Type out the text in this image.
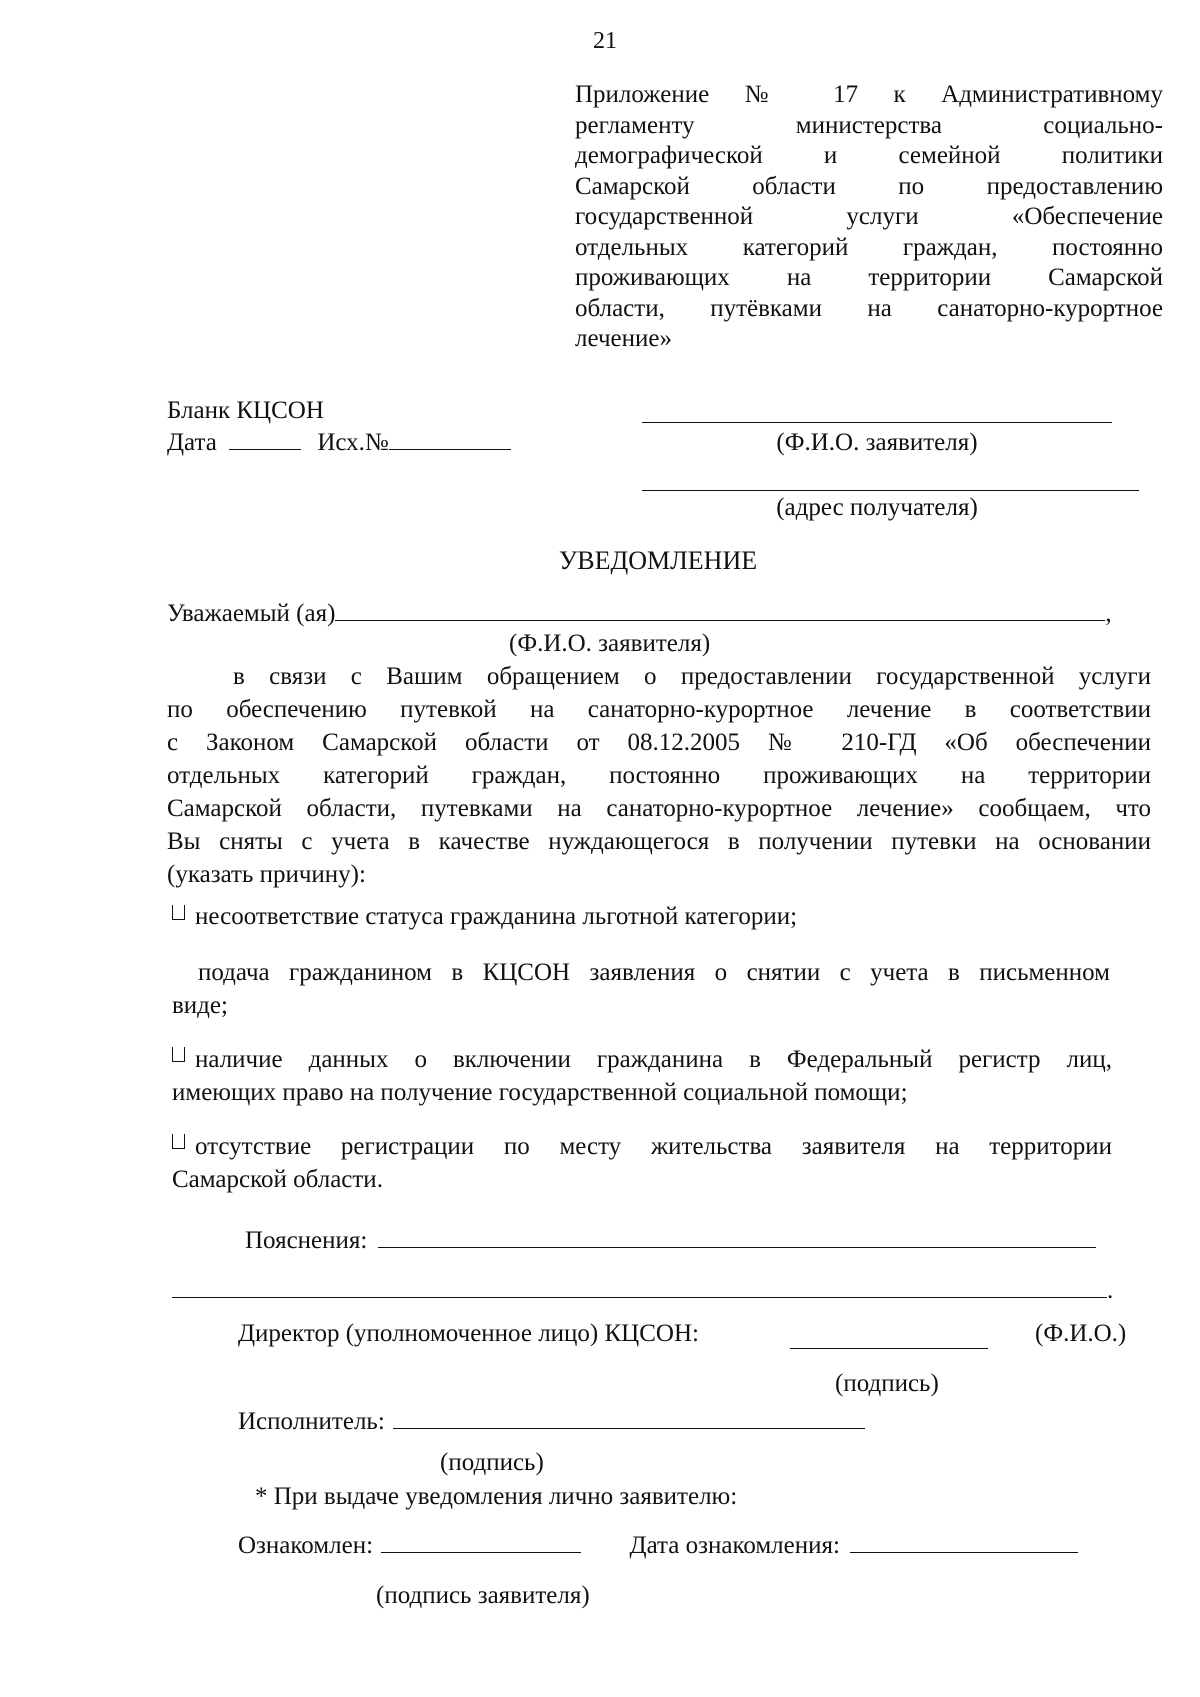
21
Приложение № 17 к Административному
регламенту министерства социально-
демографической и семейной политики
Самарской области по предоставлению
государственной услуги «Обеспечение
отдельных категорий граждан, постоянно
проживающих на территории Самарской
области, путёвками на санаторно-курортное
лечение»
Бланк КЦСОН
Дата	Исх.№	(Ф.И.О. заявителя)
(адрес получателя)
УВЕДОМЛЕНИЕ
Уважаемый (ая)	,
(Ф.И.О. заявителя)
в связи с Вашим обращением о предоставлении государственной услуги
по обеспечению путевкой на санаторно-курортное лечение в соответствии
с Законом Самарской области от 08.12.2005 № 210-ГД «Об обеспечении
отдельных категорий граждан, постоянно проживающих на территории
Самарской области, путевками на санаторно-курортное лечение» сообщаем, что
Вы сняты с учета в качестве нуждающегося в получении путевки на основании
(указать причину):
несоответствие статуса гражданина льготной категории;
подача гражданином в КЦСОН заявления о снятии с учета в письменном
виде;
наличие данных о включении гражданина в Федеральный регистр лиц,
имеющих право на получение государственной социальной помощи;
отсутствие регистрации по месту жительства заявителя на территории
Самарской области.
Пояснения:
.
Директор (уполномоченное лицо) КЦСОН:	(Ф.И.О.)
(подпись)
Исполнитель:
(подпись)
* При выдаче уведомления лично заявителю:
Ознакомлен:	Дата ознакомления:
(подпись заявителя)
